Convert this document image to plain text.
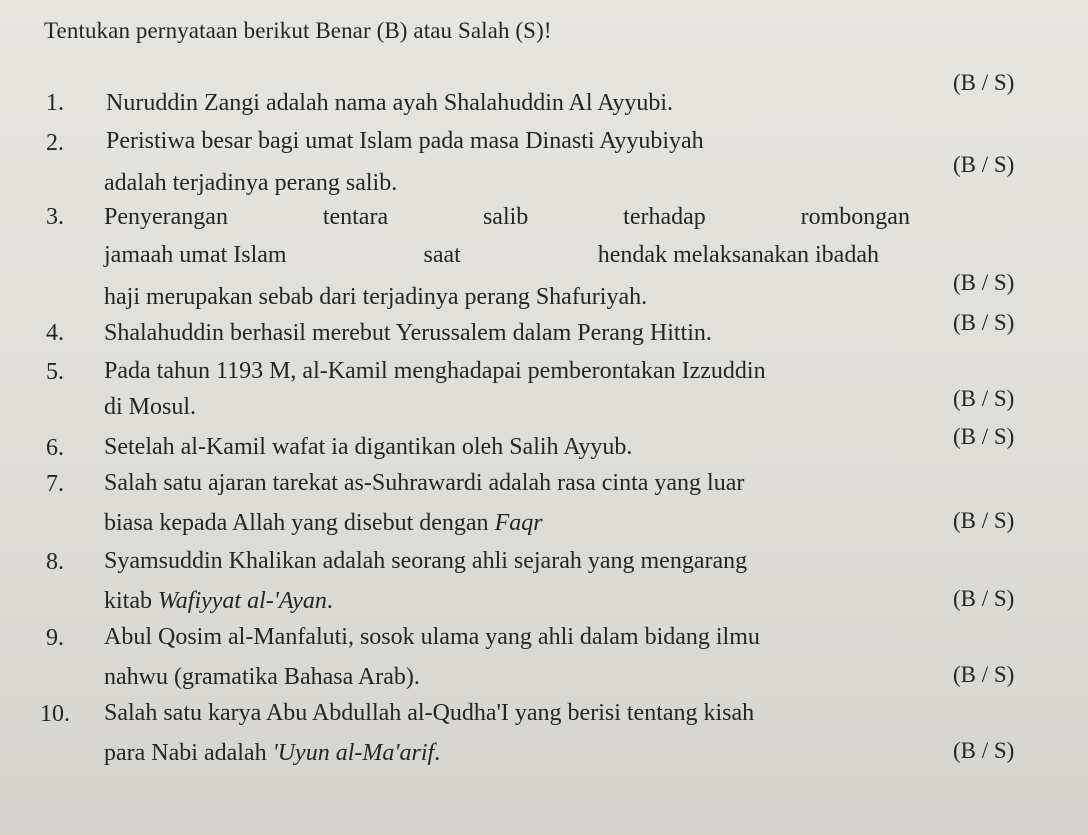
Tentukan pernyataan berikut Benar (B) atau Salah (S)!
1. Nuruddin Zangi adalah nama ayah Shalahuddin Al Ayyubi.
(B / S)
2. Peristiwa besar bagi umat Islam pada masa Dinasti Ayyubiyah
adalah terjadinya perang salib.
(B / S)
3. Penyerangan	tentara	salib	terhadap	rombongan
jamaah umat Islam	saat	hendak melaksanakan ibadah
haji merupakan sebab dari terjadinya perang Shafuriyah.
(B / S)
4. Shalahuddin berhasil merebut Yerussalem dalam Perang Hittin.	(B / S)
5. Pada tahun 1193 M, al-Kamil menghadapai pemberontakan Izzuddin
di Mosul.	(B / S)
6. Setelah al-Kamil wafat ia digantikan oleh Salih Ayyub.	(B / S)
7. Salah satu ajaran tarekat as-Suhrawardi adalah rasa cinta yang luar
biasa kepada Allah yang disebut dengan Faqr	(B / S)
8. Syamsuddin Khalikan adalah seorang ahli sejarah yang mengarang
kitab Wafiyyat al-'Ayan.	(B / S)
9. Abul Qosim al-Manfaluti, sosok ulama yang ahli dalam bidang ilmu
nahwu (gramatika Bahasa Arab).	(B / S)
10. Salah satu karya Abu Abdullah al-Qudha'I yang berisi tentang kisah
para Nabi adalah 'Uyun al-Ma'arif.	(B / S)
